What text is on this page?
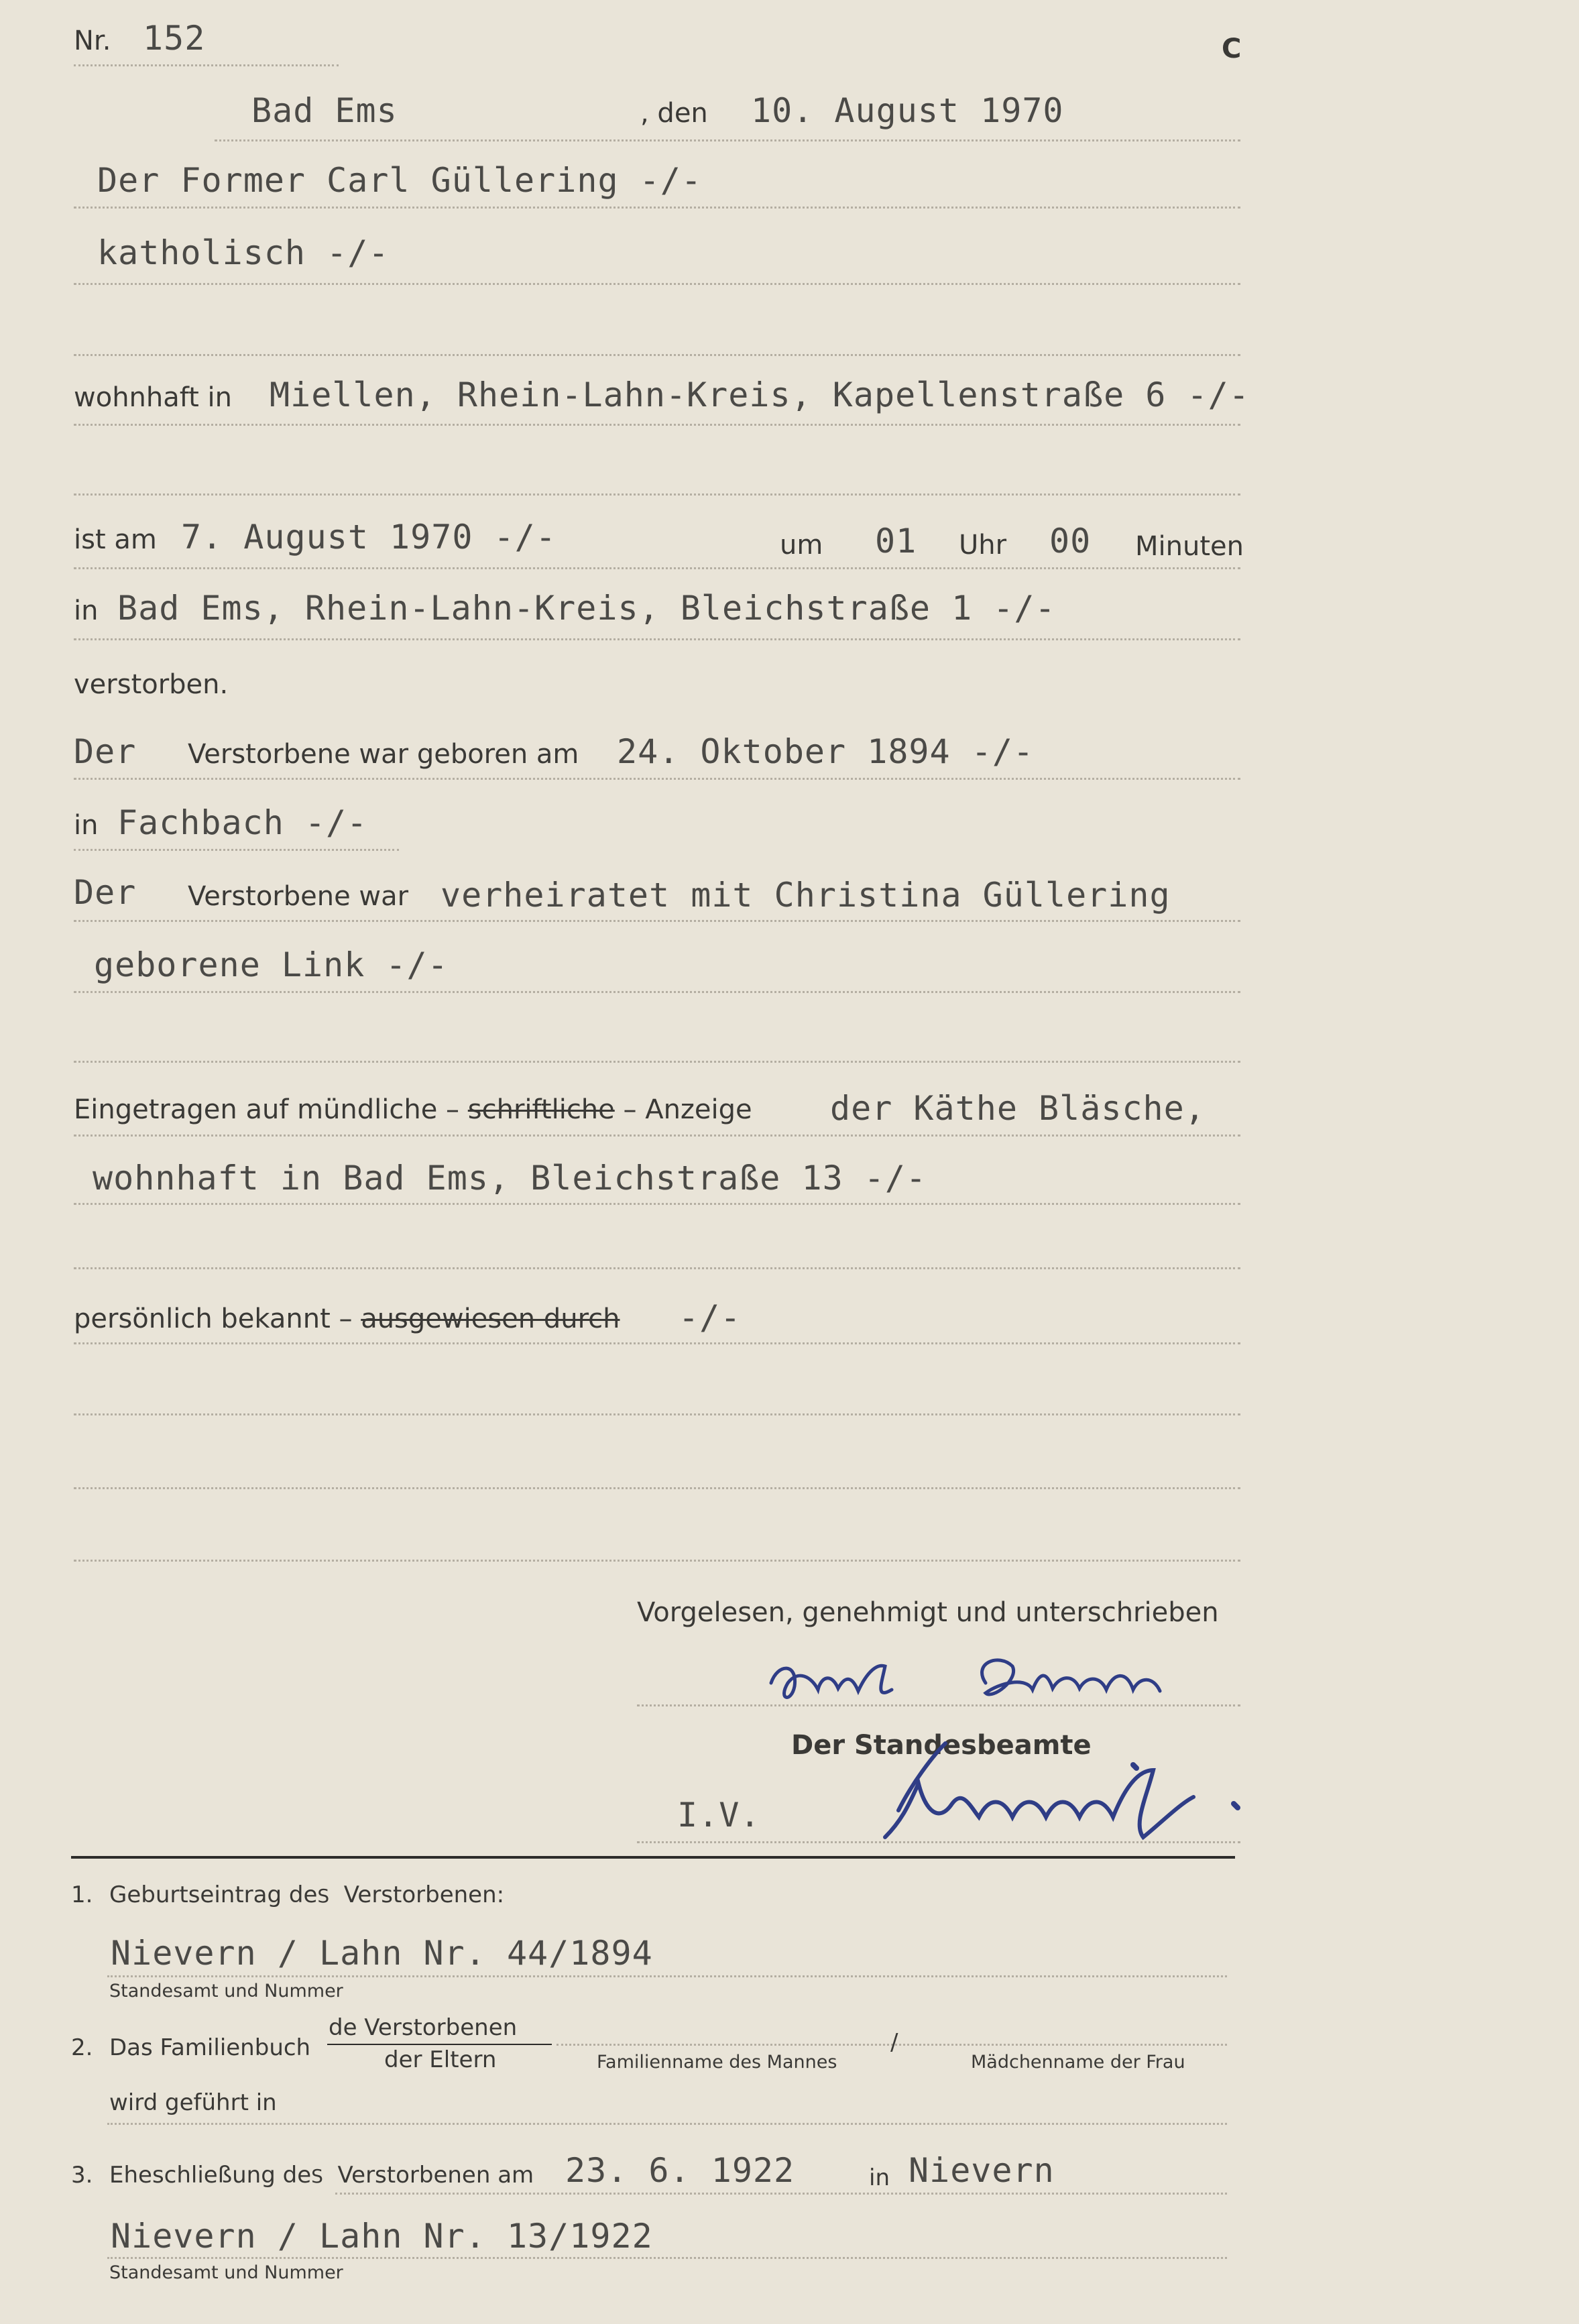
Nr. 152	C
Bad Ems	, den 10. August 1970
Der Former Carl Güllering -/-
katholisch -/-
wohnhaft in Miellen, Rhein-Lahn-Kreis, Kapellenstraße 6 -/-
ist am 7. August 1970 -/-	um 01 Uhr 00 Minuten
in Bad Ems, Rhein-Lahn-Kreis, Bleichstraße 1 -/-
verstorben.
Der Verstorbene war geboren am 24. Oktober 1894 -/-
in Fachbach -/-
Der Verstorbene war verheiratet mit Christina Güllering
geborene Link -/-
Eingetragen auf mündliche – schriftliche – Anzeige der Käthe Bläsche,
wohnhaft in Bad Ems, Bleichstraße 13 -/-
persönlich bekannt – ausgewiesen durch -/-
Vorgelesen, genehmigt und unterschrieben
Der Standesbeamte
I.V.
1. Geburtseintrag deS Verstorbenen:
Nievern / Lahn Nr. 44/1894
Standesamt und Nummer
2. Das Familienbuch
de Verstorbenen
der Eltern	Familienname des Mannes
/
Mädchenname der Frau
wird geführt in
3. Eheschließung deS Verstorbenen am 23. 6. 1922	in Nievern
Nievern / Lahn Nr. 13/1922
Standesamt und Nummer
